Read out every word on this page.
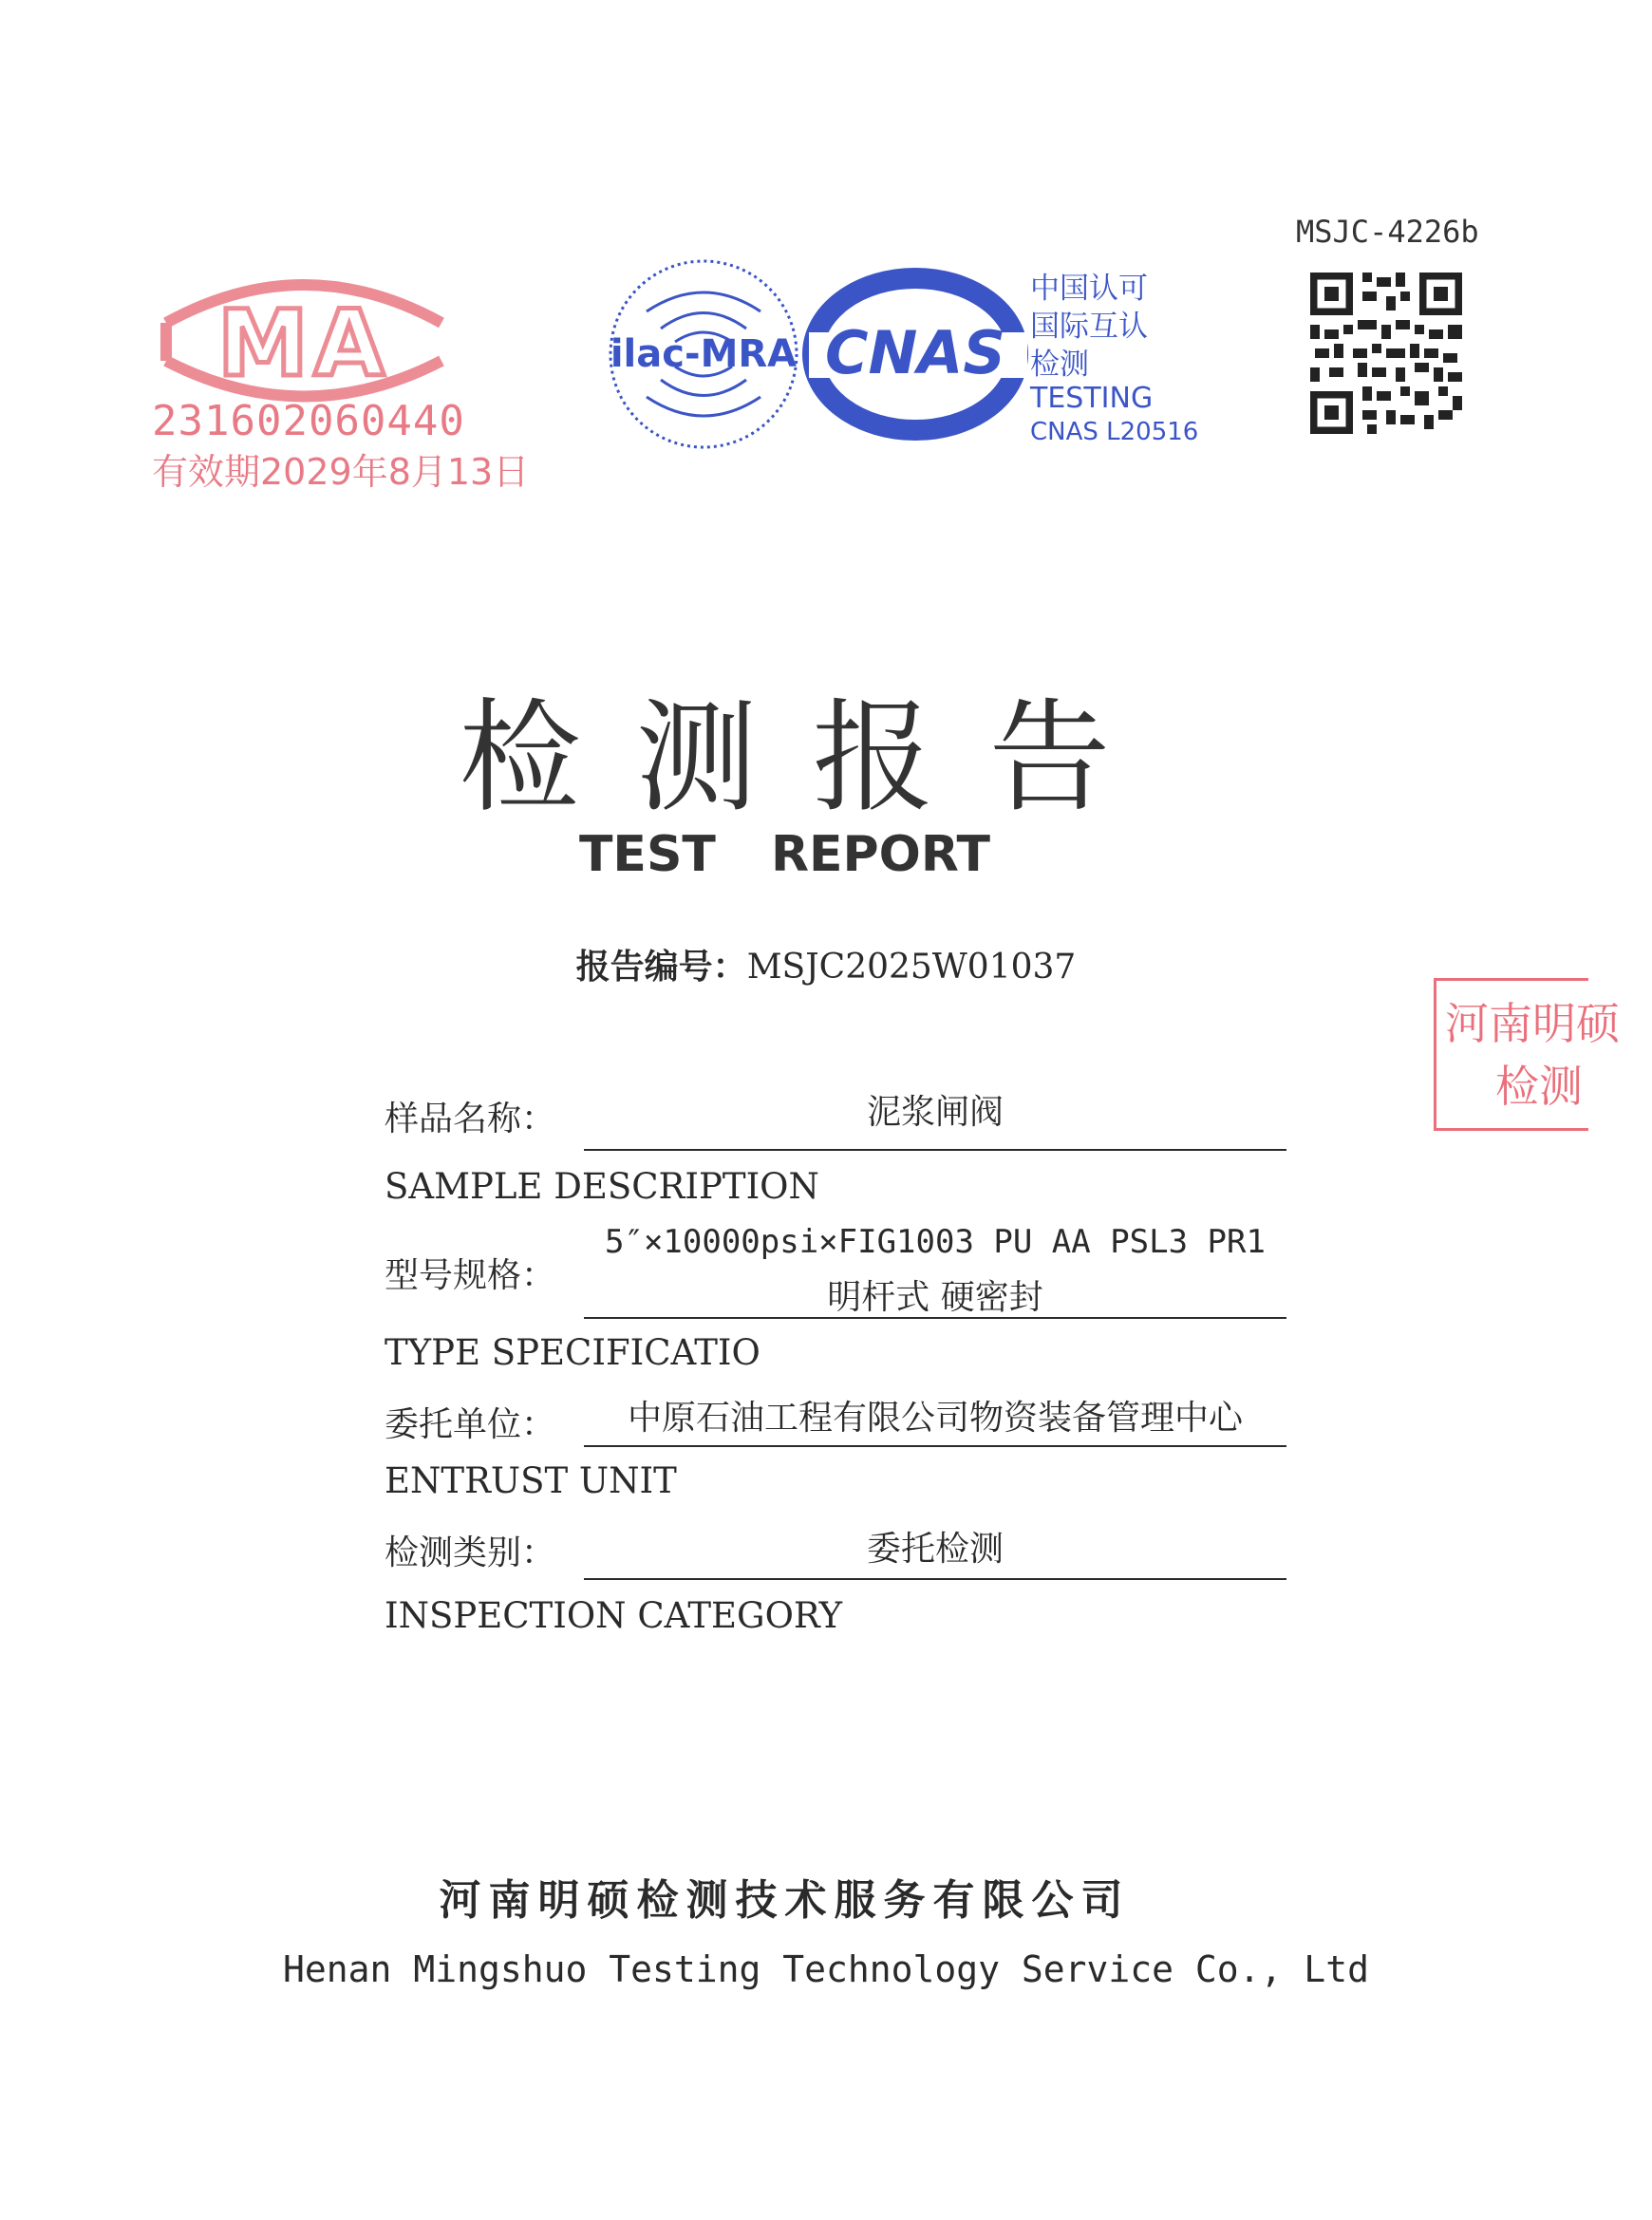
MA
231602060440
有效期2029年8月13日
ilac-MRA CNAS
中国认可
国际互认
检测
TESTING
CNAS L20516
MSJC-4226b
检测报告
TEST REPORT
报告编号：MSJC2025W01037
河南明硕
检测
样品名称：	泥浆闸阀
SAMPLE DESCRIPTION
型号规格：
5″×10000psi×FIG1003 PU AA PSL3 PR1
明杆式 硬密封
TYPE SPECIFICATIO
委托单位：	中原石油工程有限公司物资装备管理中心
ENTRUST UNIT
检测类别：	委托检测
INSPECTION CATEGORY
河南明硕检测技术服务有限公司
Henan Mingshuo Testing Technology Service Co., Ltd
